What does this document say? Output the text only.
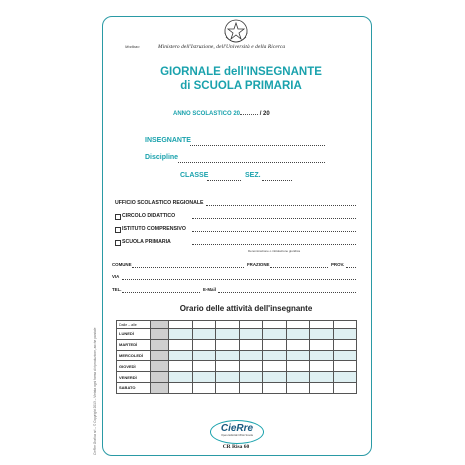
CieRre Grafica srl – © Copyright 2013 – Vietata ogni forma di riproduzione, anche parziale
Modbao	Ministero dell'Istruzione, dell'Università e della Ricerca
GIORNALE dell'INSEGNANTE
di SCUOLA PRIMARIA
ANNO SCOLASTICO 20	/ 20
INSEGNANTE
Discipline
CLASSE	SEZ.
UFFICIO SCOLASTICO REGIONALE
CIRCOLO DIDATTICO
ISTITUTO COMPRENSIVO
SCUOLA PRIMARIA
Denominazione o intitolazione giuridica
COMUNE	FRAZIONE	PROV.
VIA
TEL.	E-Mail
Orario delle attività dell'insegnante
Dalle – alle									
LUNEDÌ									
MARTEDÌ									
MERCOLEDÌ									
GIOVEDÌ									
VENERDÌ									
SABATO									
CieRre
Opere Editoriali Ufficio Scuola
CR Risa 60
